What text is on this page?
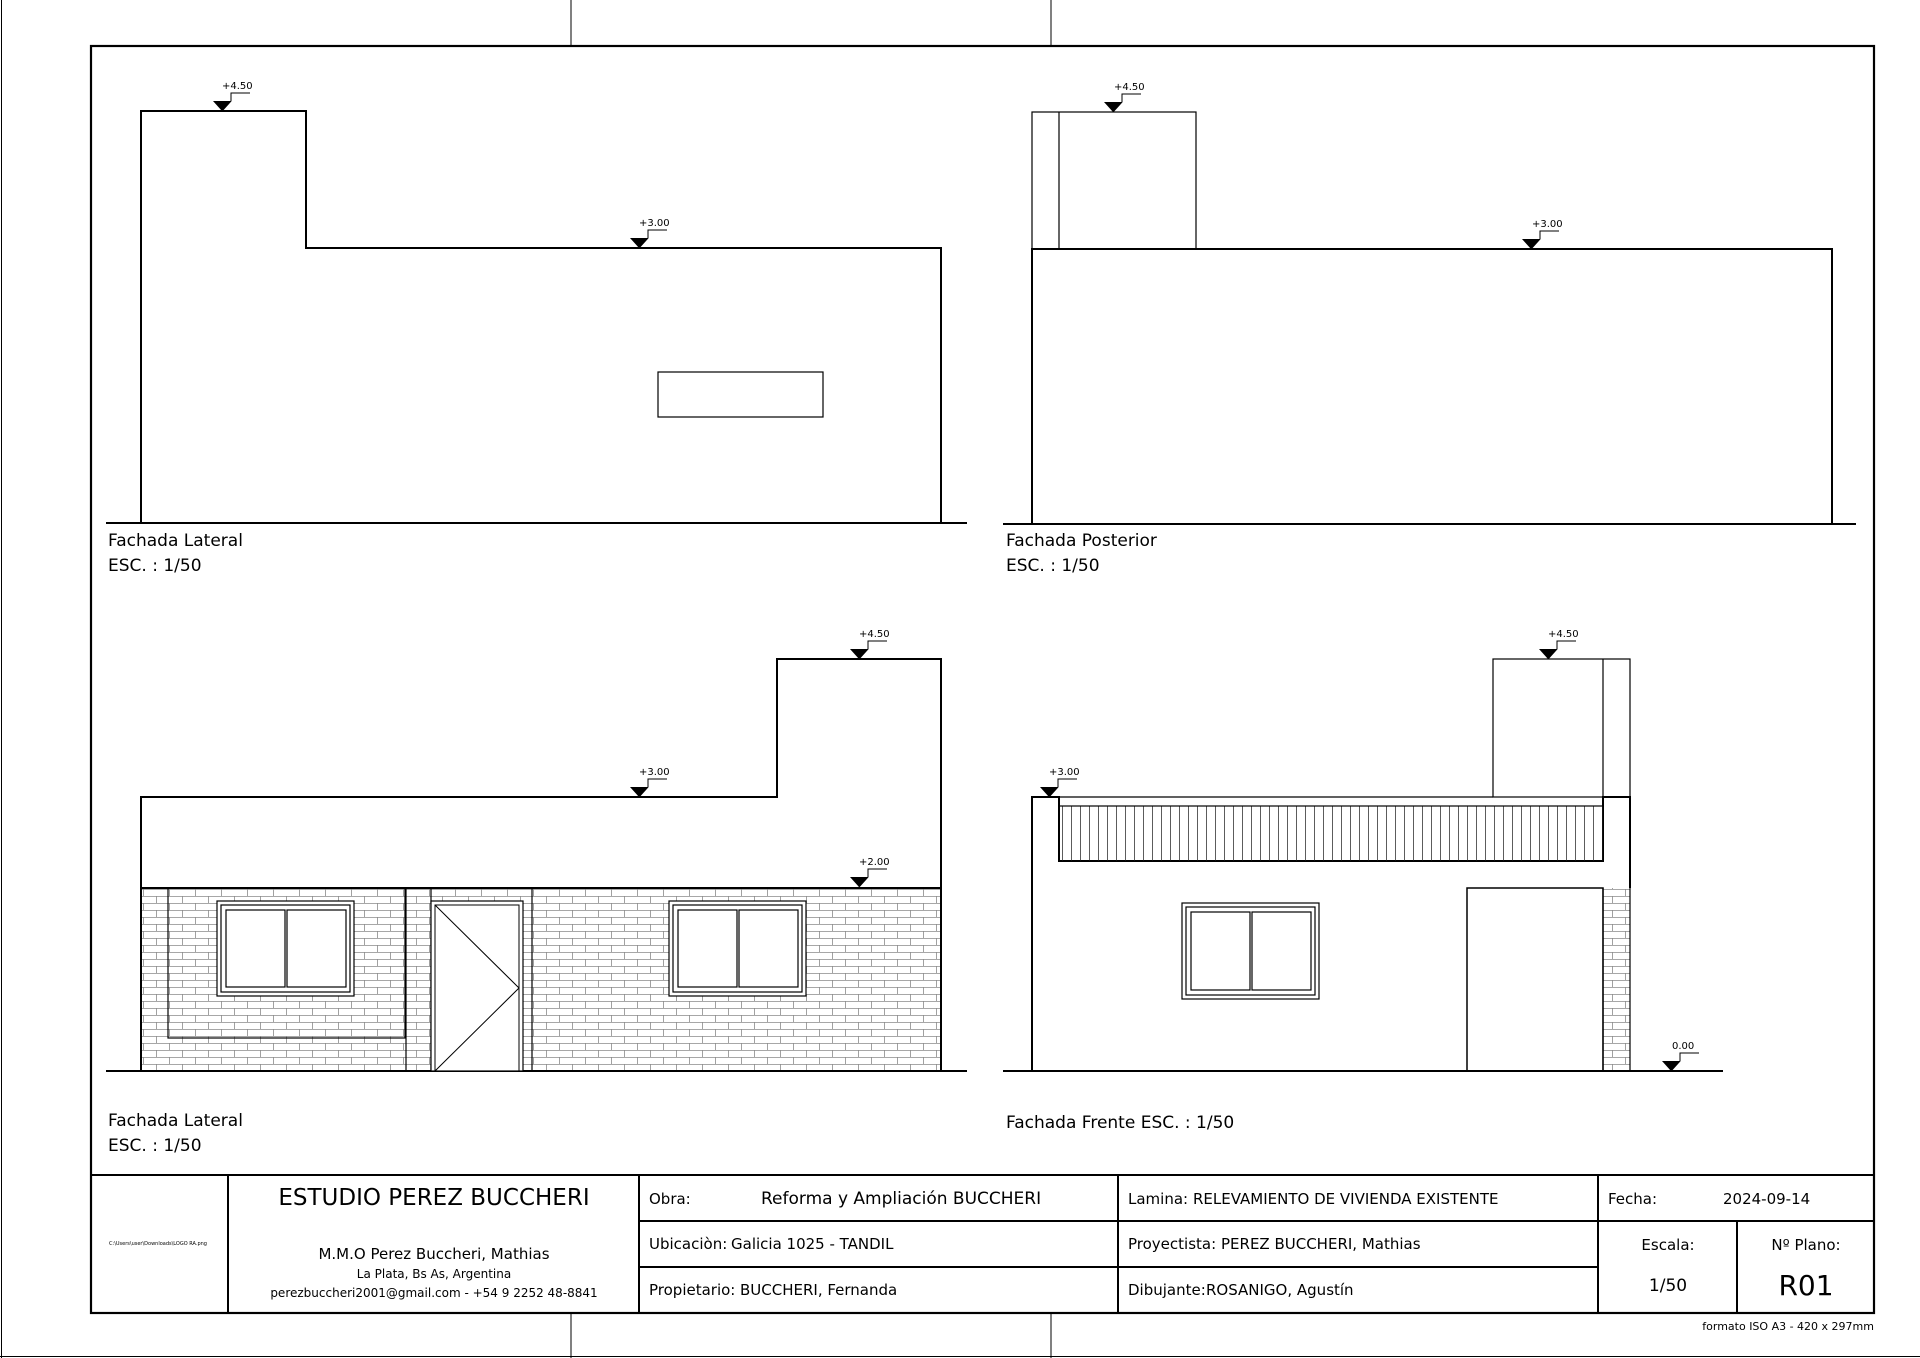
+4.50
+3.00
Fachada Lateral
ESC. : 1/50
+4.50
+3.00
Fachada Posterior
ESC. : 1/50
+4.50
+3.00
+2.00
Fachada Lateral
ESC. : 1/50
+4.50
+3.00
0.00
Fachada Frente ESC. : 1/50
C:\Users\user\Downloads\LOGO RA.png
ESTUDIO PEREZ BUCCHERI
M.M.O Perez Buccheri, Mathias
La Plata, Bs As, Argentina
perezbuccheri2001@gmail.com - +54 9 2252 48-8841
Obra:	Reforma y Ampliación BUCCHERI
Ubicaciòn: Galicia 1025 - TANDIL
Propietario: BUCCHERI, Fernanda
Lamina: RELEVAMIENTO DE VIVIENDA EXISTENTE
Proyectista: PEREZ BUCCHERI, Mathias
Dibujante: ROSANIGO, Agustín
Fecha:	2024-09-14
Escala:
1/50
Nº Plano:
R01
formato ISO A3 - 420 x 297mm
